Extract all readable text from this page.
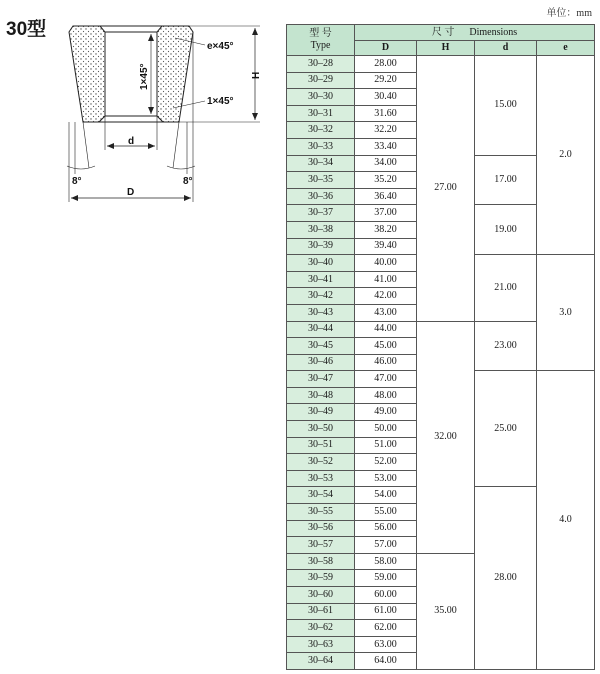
30型
单位：mm
e×45°
1×45°
H
1×45°
d
D
8°	8°
型 号
Type	尺 寸 Dimensions			
	D	H	d	e
30–28	28.00	27.00	15.00	2.0
30–29	29.20			
30–30	30.40			
30–31	31.60			
30–32	32.20			
30–33	33.40			
30–34	34.00		17.00	
30–35	35.20			
30–36	36.40			
30–37	37.00		19.00	
30–38	38.20			
30–39	39.40			
30–40	40.00		21.00	3.0
30–41	41.00			
30–42	42.00			
30–43	43.00			
30–44	44.00	32.00	23.00	
30–45	45.00			
30–46	46.00			
30–47	47.00		25.00	4.0
30–48	48.00			
30–49	49.00			
30–50	50.00			
30–51	51.00			
30–52	52.00			
30–53	53.00			
30–54	54.00		28.00	
30–55	55.00			
30–56	56.00			
30–57	57.00			
30–58	58.00	35.00		
30–59	59.00			
30–60	60.00			
30–61	61.00			
30–62	62.00			
30–63	63.00			
30–64	64.00			
